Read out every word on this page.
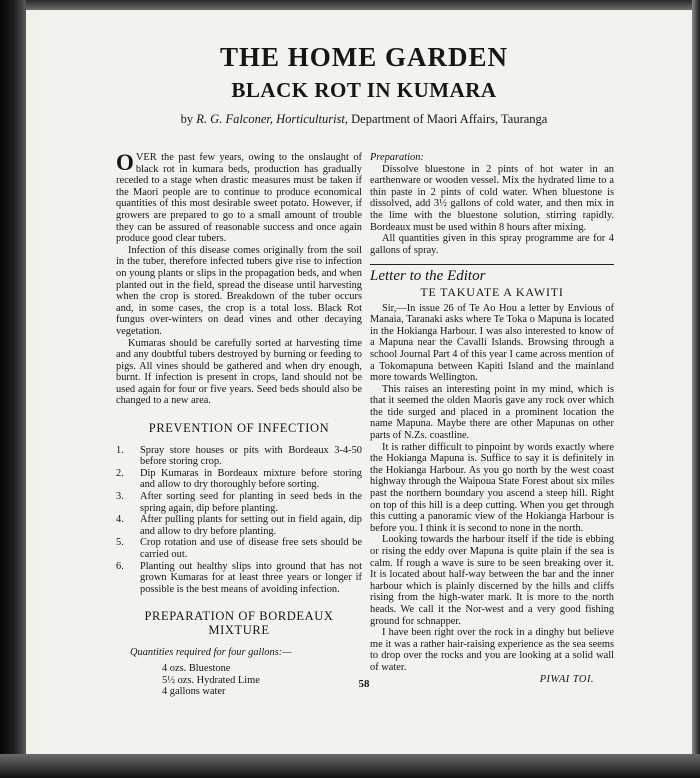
THE HOME GARDEN
BLACK ROT IN KUMARA
by R. G. Falconer, Horticulturist, Department of Maori Affairs, Tauranga

OVER the past few years, owing to the onslaught of black rot in kumara beds, production has gradually receded to a stage when drastic measures must be taken if the Maori people are to continue to produce economical quantities of this most desirable sweet potato. However, if growers are prepared to go to a small amount of trouble they can be assured of reasonable success and once again produce good clear tubers.

Infection of this disease comes originally from the soil in the tuber, therefore infected tubers give rise to infection on young plants or slips in the propagation beds, and when planted out in the field, spread the disease until harvesting when the crop is stored. Breakdown of the tuber occurs and, in some cases, the crop is a total loss. Black Rot fungus over-winters on dead vines and other decaying vegetation.

Kumaras should be carefully sorted at harvesting time and any doubtful tubers destroyed by burning or feeding to pigs. All vines should be gathered and when dry enough, burnt. If infection is present in crops, land should not be used again for four or five years. Seed beds should also be changed to a new area.

PREVENTION OF INFECTION
1.	Spray store houses or pits with Bordeaux 3-4-50 before storing crop.
2.	Dip Kumaras in Bordeaux mixture before storing and allow to dry thoroughly before sorting.
3.	After sorting seed for planting in seed beds in the spring again, dip before planting.
4.	After pulling plants for setting out in field again, dip and allow to dry before planting.
5.	Crop rotation and use of disease free sets should be carried out.
6.	Planting out healthy slips into ground that has not grown Kumaras for at least three years or longer if possible is the best means of avoiding infection.
PREPARATION OF BORDEAUX
MIXTURE

Quantities required for four gallons:—

4 ozs. Bluestone

5½ ozs. Hydrated Lime

4 gallons water

Preparation:

Dissolve bluestone in 2 pints of hot water in an earthenware or wooden vessel. Mix the hydrated lime to a thin paste in 2 pints of cold water. When bluestone is dissolved, add 3½ gallons of cold water, and then mix in the lime with the bluestone solution, stirring rapidly. Bordeaux must be used within 8 hours after mixing.

All quantities given in this spray programme are for 4 gallons of spray.

Letter to the Editor
TE TAKUATE A KAWITI

Sir,—In issue 26 of Te Ao Hou a letter by Envious of Manaia, Taranaki asks where Te Toka o Mapuna is located in the Hokianga Harbour. I was also interested to know of a Mapuna near the Cavalli Islands. Browsing through a school Journal Part 4 of this year I came across mention of a Tokomapuna between Kapiti Island and the mainland more towards Wellington.

This raises an interesting point in my mind, which is that it seemed the olden Maoris gave any rock over which the tide surged and placed in a prominent location the name Mapuna. Maybe there are other Mapunas on other parts of N.Zs. coastline.

It is rather difficult to pinpoint by words exactly where the Hokianga Mapuna is. Suffice to say it is definitely in the Hokianga Harbour. As you go north by the west coast highway through the Waipoua State Forest about six miles past the northern boundary you ascend a steep hill. Right on top of this hill is a deep cutting. When you get through this cutting a panoramic view of the Hokianga Harbour is before you. I think it is second to none in the north.

Looking towards the harbour itself if the tide is ebbing or rising the eddy over Mapuna is quite plain if the sea is calm. If rough a wave is sure to be seen breaking over it. It is located about half-way between the bar and the inner harbour which is plainly discerned by the hills and cliffs rising from the high-water mark. It is more to the north heads. We call it the Nor-west and a very good fishing ground for schnapper.

I have been right over the rock in a dinghy but believe me it was a rather hair-raising experience as the sea seems to drop over the rocks and you are looking at a solid wall of water.

PIWAI TOI.
58
